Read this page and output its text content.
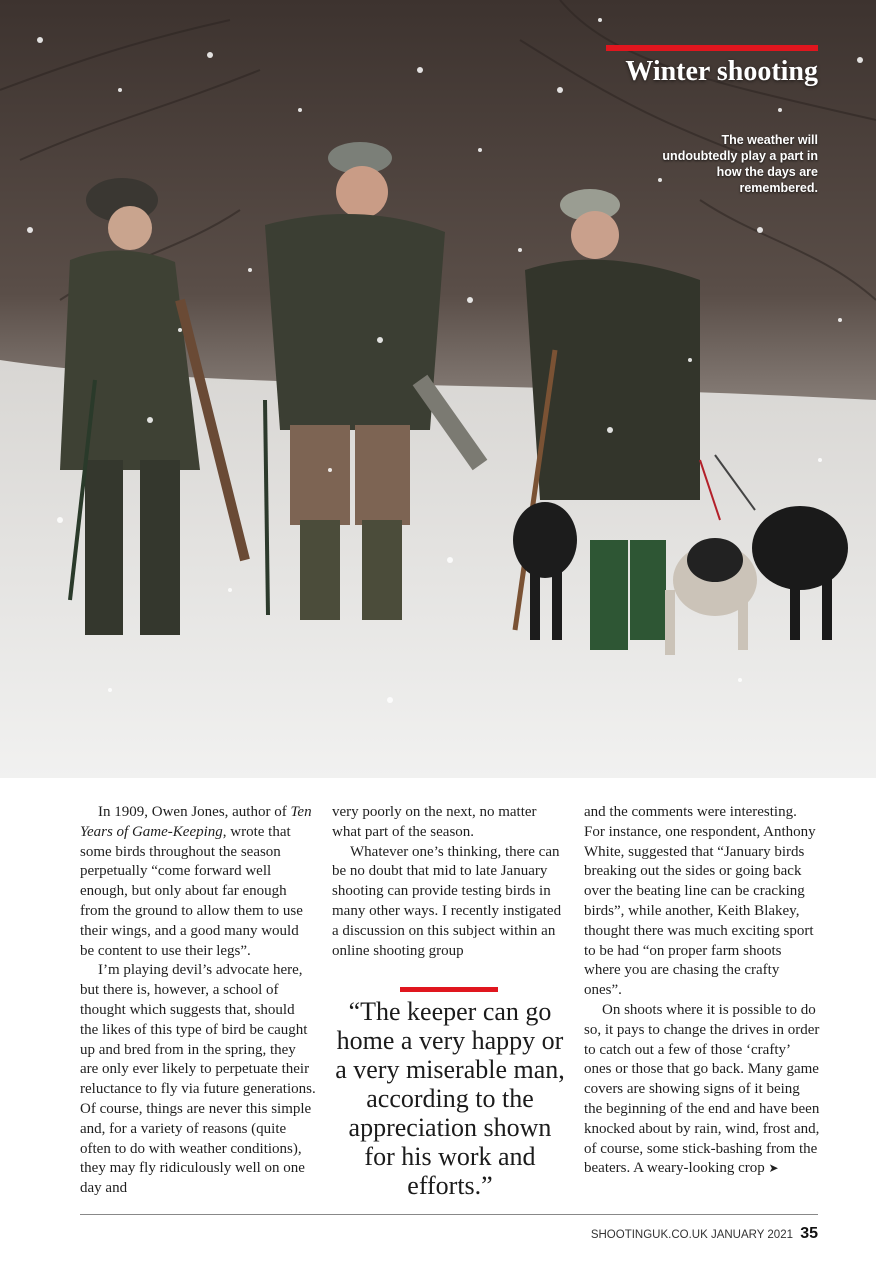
Winter shooting

The weather will undoubtedly play a part in how the days are remembered.

In 1909, Owen Jones, author of Ten Years of Game-Keeping, wrote that some birds throughout the season perpetually “come forward well enough, but only about far enough from the ground to allow them to use their wings, and a good many would be content to use their legs”.

I’m playing devil’s advocate here, but there is, however, a school of thought which suggests that, should the likes of this type of bird be caught up and bred from in the spring, they are only ever likely to perpetuate their reluctance to fly via future generations. Of course, things are never this simple and, for a variety of reasons (quite often to do with weather conditions), they may fly ridiculously well on one day and

very poorly on the next, no matter what part of the season.

Whatever one’s thinking, there can be no doubt that mid to late January shooting can provide testing birds in many other ways. I recently instigated a discussion on this subject within an online shooting group

and the comments were interesting. For instance, one respondent, Anthony White, suggested that “January birds breaking out the sides or going back over the beating line can be cracking birds”, while another, Keith Blakey, thought there was much exciting sport to be had “on proper farm shoots where you are chasing the crafty ones”.

On shoots where it is possible to do so, it pays to change the drives in order to catch out a few of those ‘crafty’ ones or those that go back. Many game covers are showing signs of it being the beginning of the end and have been knocked about by rain, wind, frost and, of course, some stick-bashing from the beaters. A weary-looking crop ➤

“The keeper can go home a very happy or a very miserable man, according to the appreciation shown for his work and efforts.”

SHOOTINGUK.CO.UK JANUARY 2021 35
